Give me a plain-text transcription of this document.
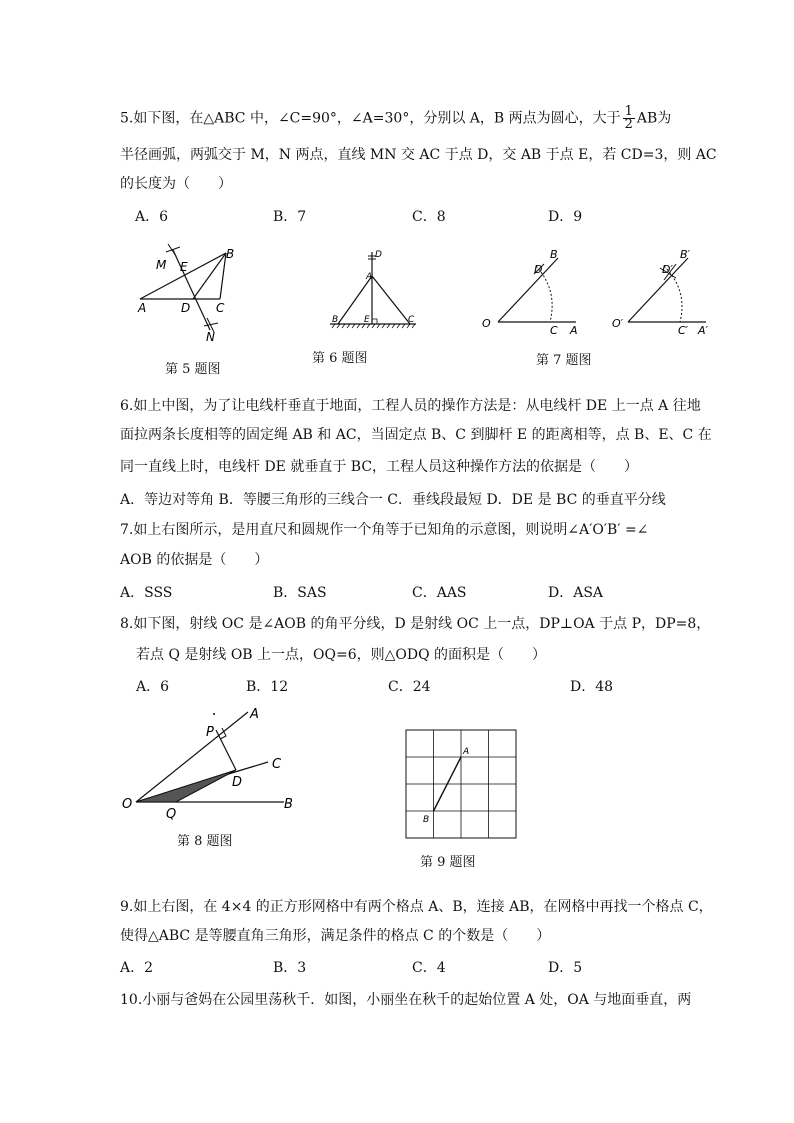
5.如下图，在△ABC 中，∠C=90°，∠A=30°，分别以 A，B 两点为圆心，大于 $\frac{1}{2}$ AB为
半径画弧，两弧交于 M，N 两点，直线 MN 交 AC 于点 D，交 AB 于点 E，若 CD=3，则 AC
的长度为（　　）
A．6	B．7	C．8	D．9
M E
B
A	D C
N
第 5 题图
D
A
B	E	C
第 6 题图
B
D
O
C A
B′
D′
O′
C′ A′
第 7 题图
6.如上中图，为了让电线杆垂直于地面，工程人员的操作方法是：从电线杆 DE 上一点 A 往地
面拉两条长度相等的固定绳 AB 和 AC，当固定点 B、C 到脚杆 E 的距离相等，点 B、E、C 在
同一直线上时，电线杆 DE 就垂直于 BC，工程人员这种操作方法的依据是（　　）
A．等边对等角 B．等腰三角形的三线合一 C．垂线段最短 D．DE 是 BC 的垂直平分线
7.如上右图所示，是用直尺和圆规作一个角等于已知角的示意图，则说明∠A′O′B′ =∠
AOB 的依据是（　　）
A．SSS	B．SAS	C．AAS	D．ASA
8.如下图，射线 OC 是∠AOB 的角平分线，D 是射线 OC 上一点，DP⊥OA 于点 P，DP=8，
若点 Q 是射线 OB 上一点，OQ=6，则△ODQ 的面积是（　　）
A．6	B．12	C．24	D．48
A
P
C
D
O
Q
B
第 8 题图
A
B
第 9 题图
9.如上右图，在 4×4 的正方形网格中有两个格点 A、B，连接 AB，在网格中再找一个格点 C，
使得△ABC 是等腰直角三角形，满足条件的格点 C 的个数是（　　）
A．2	B．3	C．4	D．5
10.小丽与爸妈在公园里荡秋千．如图，小丽坐在秋千的起始位置 A 处，OA 与地面垂直，两
